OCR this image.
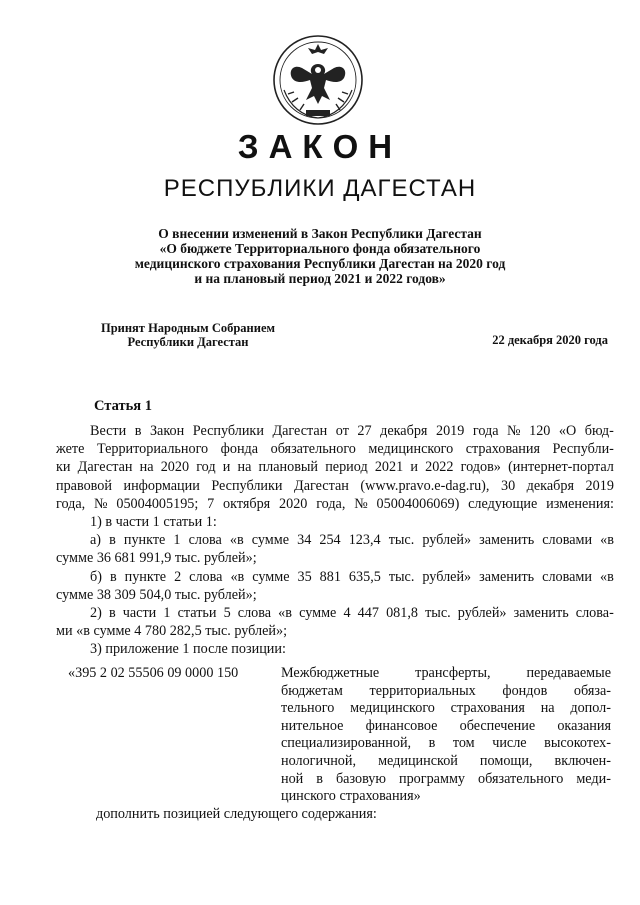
ЗАКОН
РЕСПУБЛИКИ ДАГЕСТАН
О внесении изменений в Закон Республики Дагестан
«О бюджете Территориального фонда обязательного
медицинского страхования Республики Дагестан на 2020 год
и на плановый период 2021 и 2022 годов»
Принят Народным Собранием
Республики Дагестан	22 декабря 2020 года
Статья 1
Вести в Закон Республики Дагестан от 27 декабря 2019 года № 120 «О бюд-
жете Территориального фонда обязательного медицинского страхования Республи-
ки Дагестан на 2020 год и на плановый период 2021 и 2022 годов» (интернет-портал
правовой информации Республики Дагестан (www.pravo.e-dag.ru), 30 декабря 2019
года, № 05004005195; 7 октября 2020 года, № 05004006069) следующие изменения:
1) в части 1 статьи 1:
а) в пункте 1 слова «в сумме 34 254 123,4 тыс. рублей» заменить словами «в
сумме 36 681 991,9 тыс. рублей»;
б) в пункте 2 слова «в сумме 35 881 635,5 тыс. рублей» заменить словами «в
сумме 38 309 504,0 тыс. рублей»;
2) в части 1 статьи 5 слова «в сумме 4 447 081,8 тыс. рублей» заменить слова-
ми «в сумме 4 780 282,5 тыс. рублей»;
3) приложение 1 после позиции:
«395 2 02 55506 09 0000 150	Межбюджетные	трансферты,	передаваемые
бюджетам территориальных фондов обяза-
тельного медицинского страхования на допол-
нительное финансовое обеспечение оказания
специализированной, в том числе высокотех-
нологичной, медицинской помощи, включен-
ной в базовую программу обязательного меди-
цинского страхования»
дополнить позицией следующего содержания:
